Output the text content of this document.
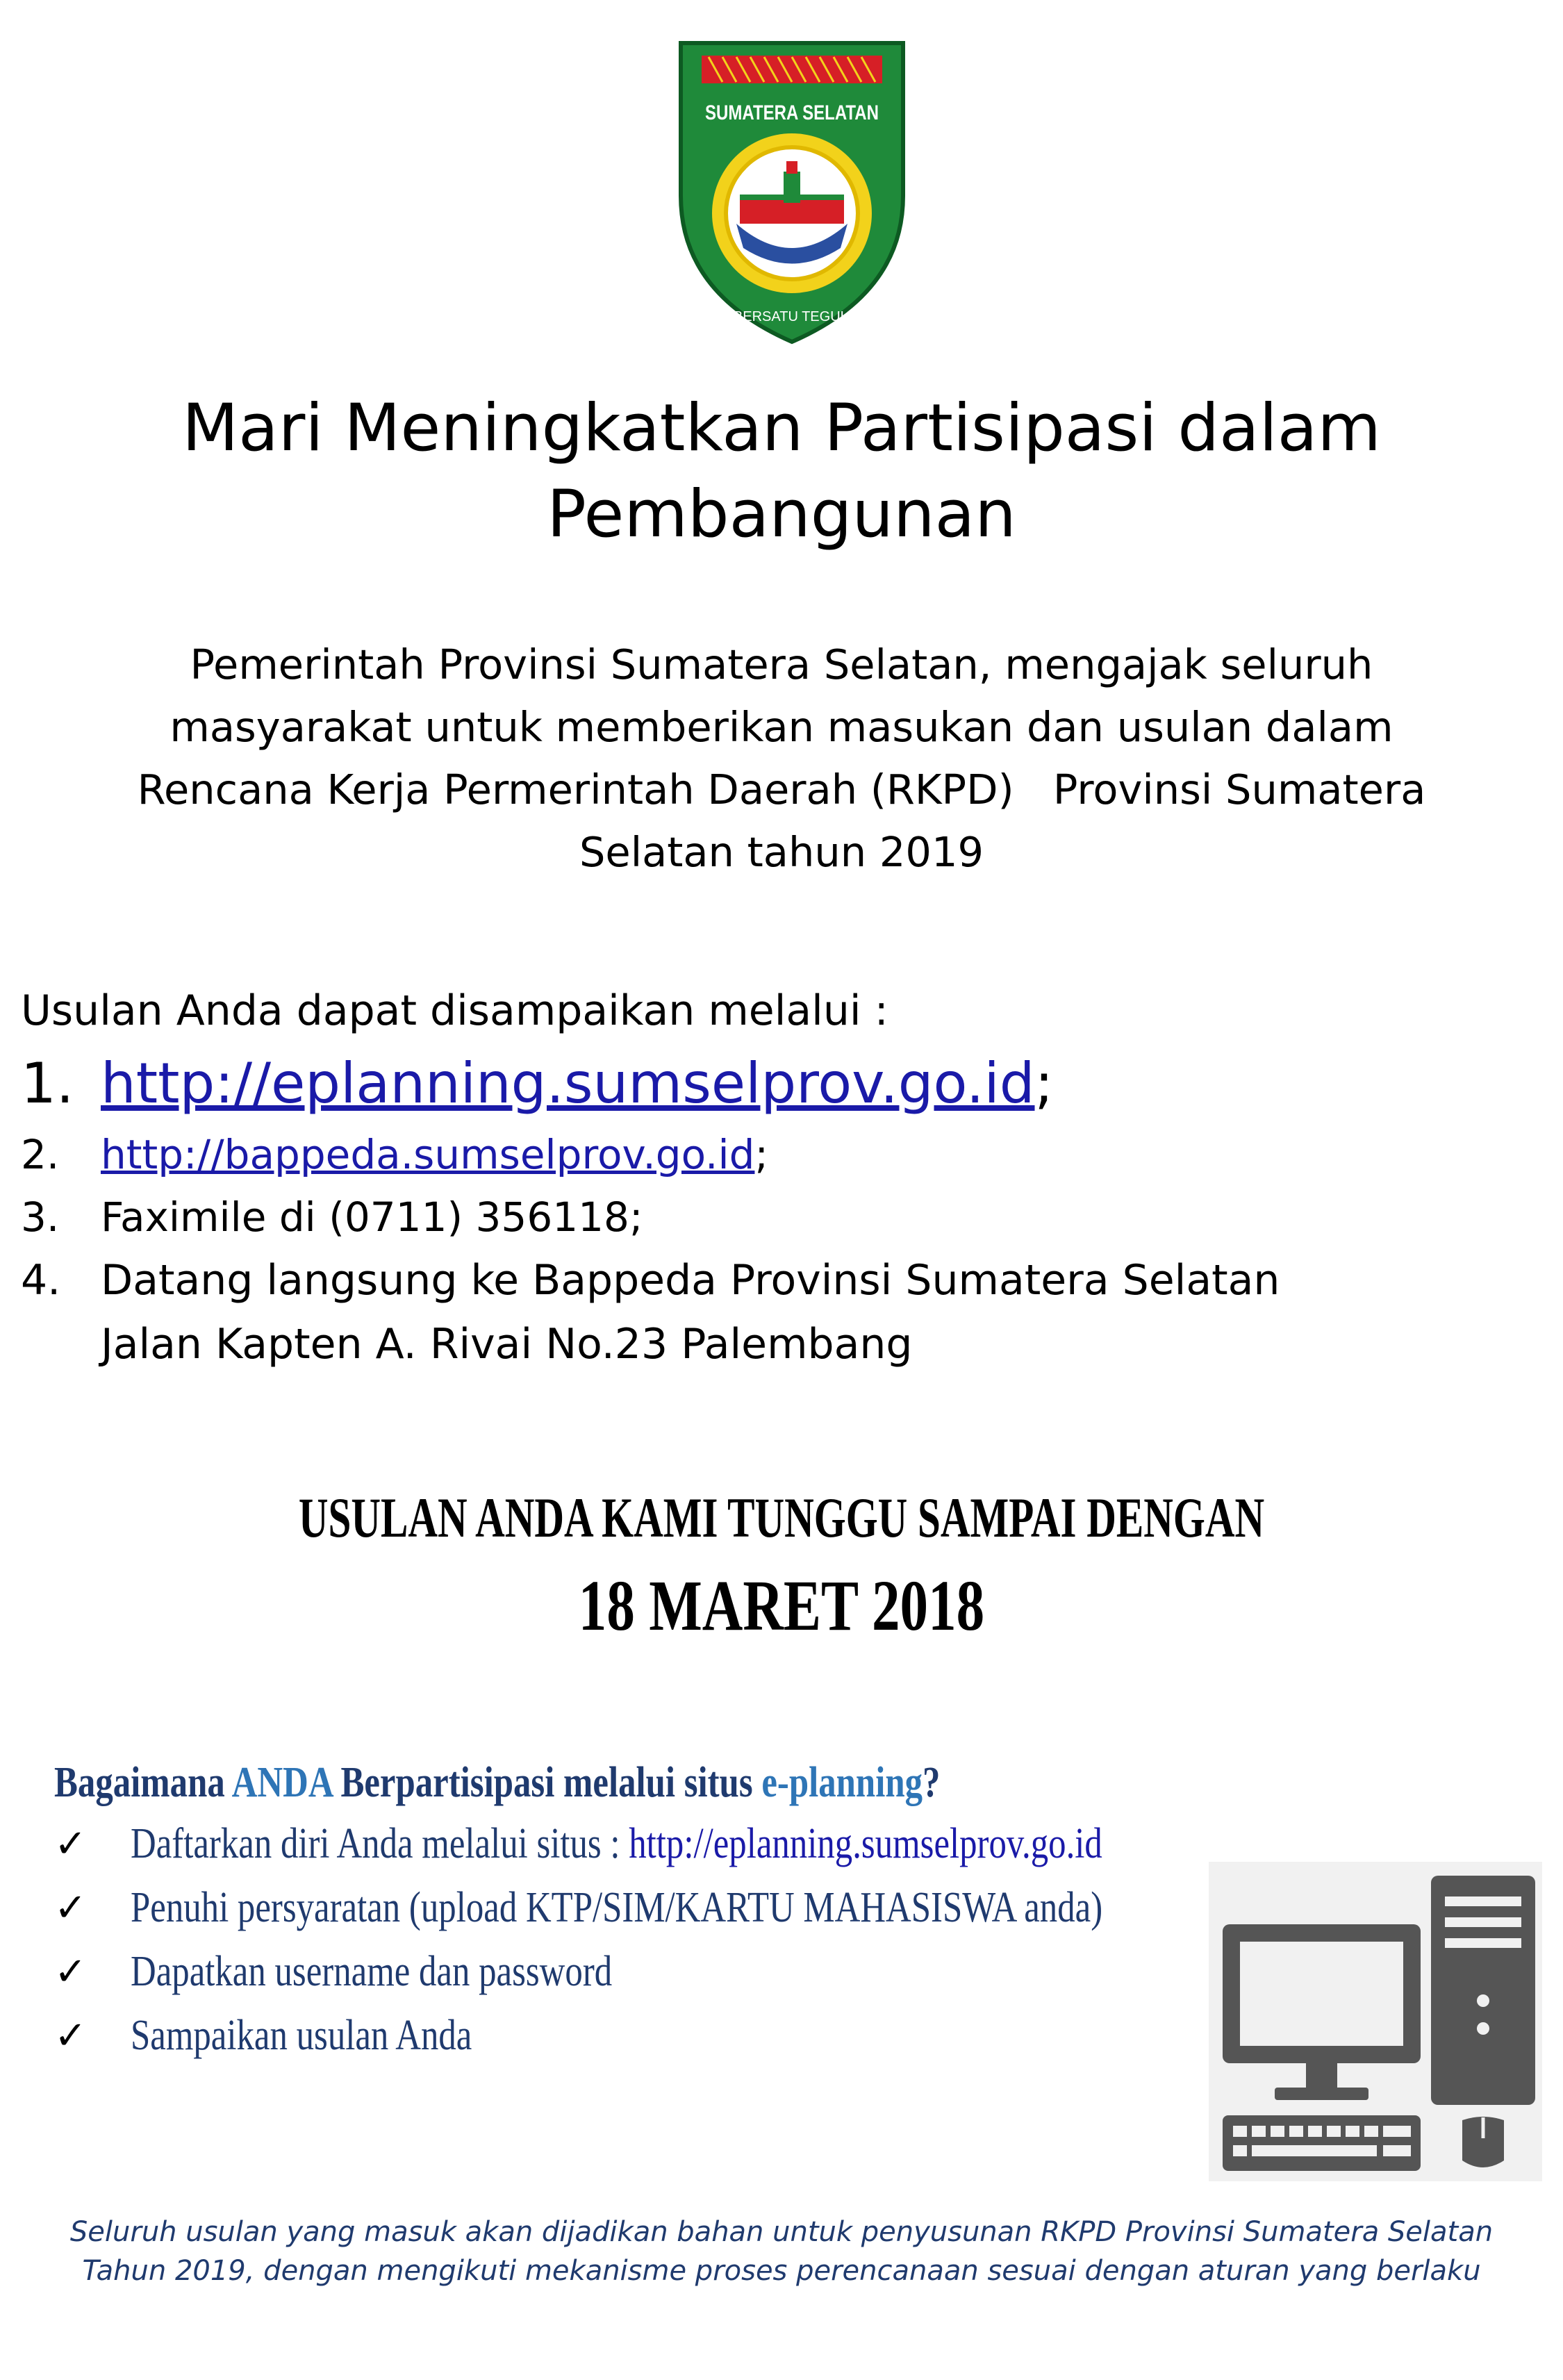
SUMATERA SELATAN
BERSATU TEGUH
Mari Meningkatkan Partisipasi dalam
Pembangunan

Pemerintah Provinsi Sumatera Selatan, mengajak seluruh
masyarakat untuk memberikan masukan dan usulan dalam
Rencana Kerja Permerintah Daerah (RKPD)   Provinsi Sumatera
Selatan tahun 2019

Usulan Anda dapat disampaikan melalui :
1. http://eplanning.sumselprov.go.id;
2.	http://bappeda.sumselprov.go.id;
3.	Faximile di (0711) 356118;
4. Datang langsung ke Bappeda Provinsi Sumatera Selatan
Jalan Kapten A. Rivai No.23 Palembang
USULAN ANDA KAMI TUNGGU SAMPAI DENGAN
18 MARET 2018
Bagaimana ANDA Berpartisipasi melalui situs e-planning?
✓	Daftarkan diri Anda melalui situs : http://eplanning.sumselprov.go.id
✓	Penuhi persyaratan (upload KTP/SIM/KARTU MAHASISWA anda)
✓	Dapatkan username dan password
✓	Sampaikan usulan Anda
Seluruh usulan yang masuk akan dijadikan bahan untuk penyusunan RKPD Provinsi Sumatera Selatan
Tahun 2019, dengan mengikuti mekanisme proses perencanaan sesuai dengan aturan yang berlaku
